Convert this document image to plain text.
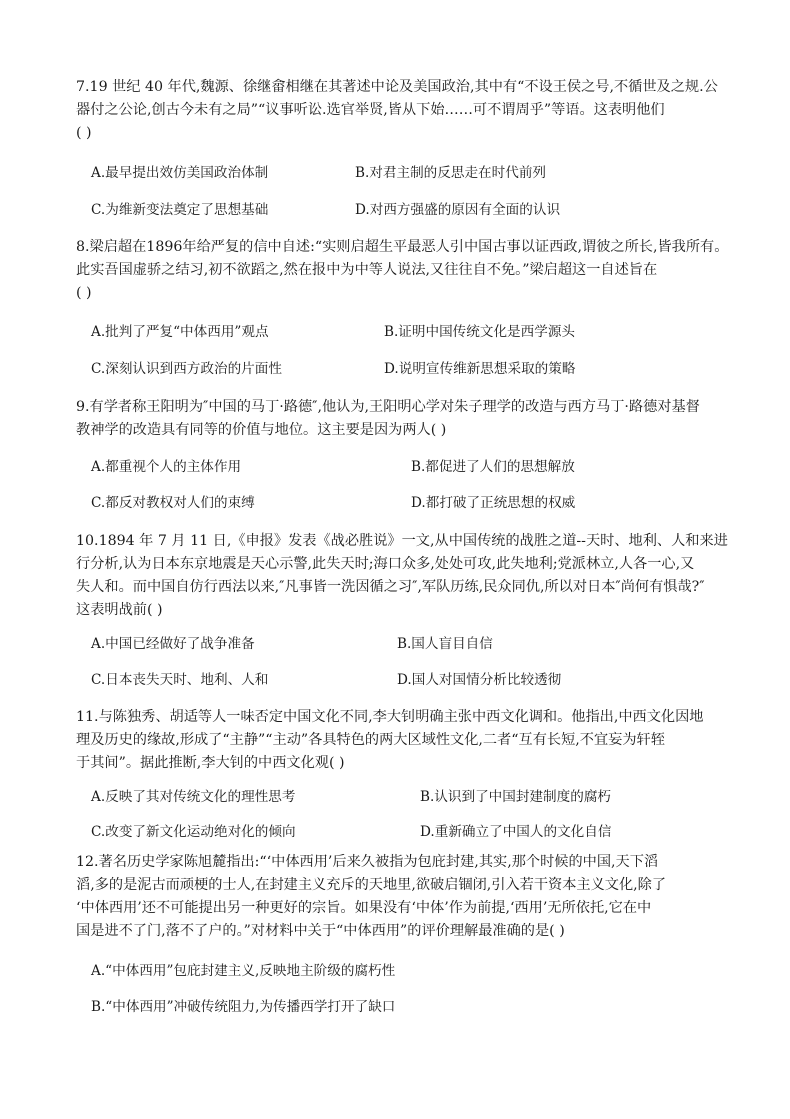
7.19 世纪 40 年代,魏源、徐继畲相继在其著述中论及美国政治,其中有“不设王侯之号,不循世及之规.公
器付之公论,创古今未有之局”“议事听讼.选官举贤,皆从下始……可不谓周乎”等语。这表明他们
( )
A.最早提出效仿美国政治体制	B.对君主制的反思走在时代前列
C.为维新变法奠定了思想基础	D.对西方强盛的原因有全面的认识
8.梁启超在1896年给严复的信中自述:“实则启超生平最恶人引中国古事以证西政,谓彼之所长,皆我所有。
此实吾国虚骄之结习,初不欲蹈之,然在报中为中等人说法,又往往自不免。”梁启超这一自述旨在
( )
A.批判了严复“中体西用”观点	B.证明中国传统文化是西学源头
C.深刻认识到西方政治的片面性	D.说明宣传维新思想采取的策略
9.有学者称王阳明为″中国的马丁·路德″,他认为,王阳明心学对朱子理学的改造与西方马丁·路德对基督
教神学的改造具有同等的价值与地位。这主要是因为两人( )
A.都重视个人的主体作用	B.都促进了人们的思想解放
C.都反对教权对人们的束缚	D.都打破了正统思想的权威
10.1894 年 7 月 11 日,《申报》发表《战必胜说》一文,从中国传统的战胜之道--天时、地利、人和来进
行分析,认为日本东京地震是天心示警,此失天时;海口众多,处处可攻,此失地利;党派林立,人各一心,又
失人和。而中国自仿行西法以来,″凡事皆一洗因循之习″,军队历练,民众同仇,所以对日本″尚何有惧哉?″
这表明战前( )
A.中国已经做好了战争准备	B.国人盲目自信
C.日本丧失天时、地利、人和	D.国人对国情分析比较透彻
11.与陈独秀、胡适等人一味否定中国文化不同,李大钊明确主张中西文化调和。他指出,中西文化因地
理及历史的缘故,形成了“主静”“主动”各具特色的两大区域性文化,二者“互有长短,不宜妄为轩轾
于其间”。据此推断,李大钊的中西文化观( )
A.反映了其对传统文化的理性思考	B.认识到了中国封建制度的腐朽
C.改变了新文化运动绝对化的倾向	D.重新确立了中国人的文化自信
12.著名历史学家陈旭麓指出:“‘中体西用’后来久被指为包庇封建,其实,那个时候的中国,天下滔
滔,多的是泥古而顽梗的士人,在封建主义充斥的天地里,欲破启锢闭,引入若干资本主义文化,除了
‘中体西用’还不可能提出另一种更好的宗旨。如果没有‘中体’作为前提,‘西用’无所依托,它在中
国是进不了门,落不了户的。”对材料中关于“中体西用”的评价理解最准确的是( )
A.“中体西用”包庇封建主义,反映地主阶级的腐朽性
B.“中体西用”冲破传统阻力,为传播西学打开了缺口
